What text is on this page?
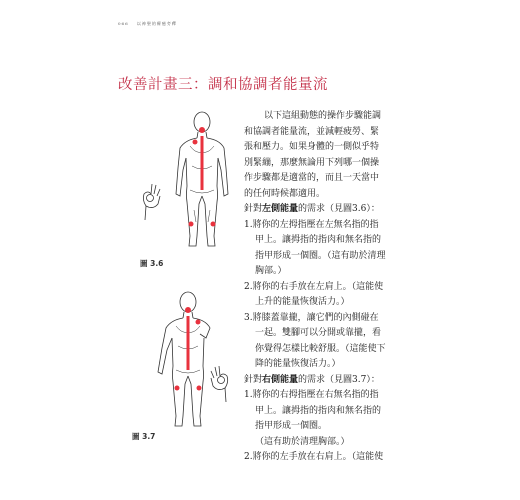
066 以神聖的療癒旁釋
改善計畫三：調和協調者能量流
圖 3.6
圖 3.7

以下這組動態的操作步驟能調

和協調者能量流，並減輕疲勞、緊

張和壓力。如果身體的一側似乎特

別緊繃，那麼無論用下列哪一個操

作步驟都是適當的，而且一天當中

的任何時候都適用。

針對左側能量的需求（見圖3.6）：

1.將你的左拇指壓在左無名指的指

甲上。讓拇指的指肉和無名指的

指甲形成一個圈。（這有助於清理

胸部。）

2.將你的右手放在左肩上。（這能使

上升的能量恢復活力。）

3.將膝蓋靠攏，讓它們的內側碰在

一起。雙腳可以分開或靠攏，看

你覺得怎樣比較舒服。（這能使下

降的能量恢復活力。）

針對右側能量的需求（見圖3.7）：

1.將你的右拇指壓在右無名指的指

甲上。讓拇指的指肉和無名指的

指甲形成一個圈。

（這有助於清理胸部。）

2.將你的左手放在右肩上。（這能使
